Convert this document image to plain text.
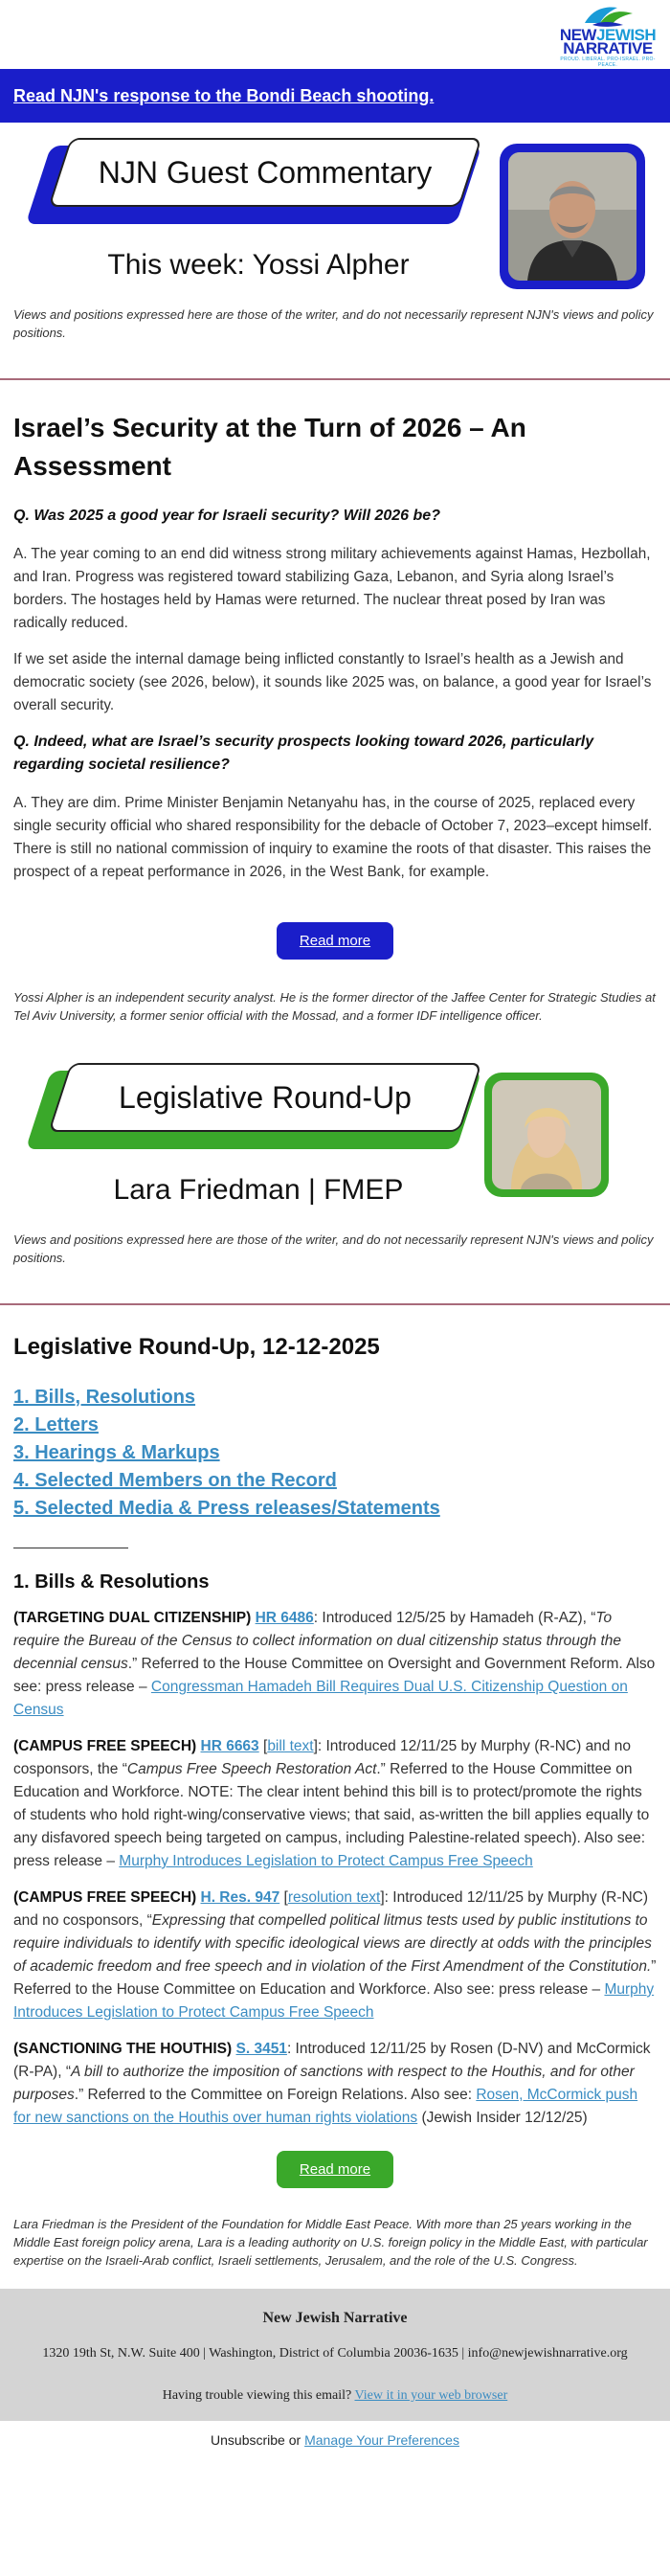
NEWJEWISH
NARRATIVE
PROUD. LIBERAL. PRO-ISRAEL. PRO-PEACE.
Read NJN's response to the Bondi Beach shooting.
NJN Guest Commentary
This week: Yossi Alpher

Views and positions expressed here are those of the writer, and do not necessarily represent NJN's views and policy positions.

Israel’s Security at the Turn of 2026 – An Assessment

Q. Was 2025 a good year for Israeli security? Will 2026 be?

A. The year coming to an end did witness strong military achievements against Hamas, Hezbollah, and Iran. Progress was registered toward stabilizing Gaza, Lebanon, and Syria along Israel’s borders. The hostages held by Hamas were returned. The nuclear threat posed by Iran was radically reduced.

If we set aside the internal damage being inflicted constantly to Israel’s health as a Jewish and democratic society (see 2026, below), it sounds like 2025 was, on balance, a good year for Israel’s overall security.

Q. Indeed, what are Israel’s security prospects looking toward 2026, particularly regarding societal resilience?

A. They are dim. Prime Minister Benjamin Netanyahu has, in the course of 2025, replaced every single security official who shared responsibility for the debacle of October 7, 2023–except himself. There is still no national commission of inquiry to examine the roots of that disaster. This raises the prospect of a repeat performance in 2026, in the West Bank, for example.

Read more

Yossi Alpher is an independent security analyst. He is the former director of the Jaffee Center for Strategic Studies at Tel Aviv University, a former senior official with the Mossad, and a former IDF intelligence officer.

Legislative Round-Up
Lara Friedman | FMEP

Views and positions expressed here are those of the writer, and do not necessarily represent NJN's views and policy positions.

Legislative Round-Up, 12-12-2025
1. Bills, Resolutions
2. Letters
3. Hearings & Markups
4. Selected Members on the Record
5. Selected Media & Press releases/Statements
1. Bills & Resolutions

(TARGETING DUAL CITIZENSHIP) HR 6486: Introduced 12/5/25 by Hamadeh (R-AZ), “To require the Bureau of the Census to collect information on dual citizenship status through the decennial census.” Referred to the House Committee on Oversight and Government Reform. Also see: press release – Congressman Hamadeh Bill Requires Dual U.S. Citizenship Question on Census

(CAMPUS FREE SPEECH) HR 6663 [bill text]: Introduced 12/11/25 by Murphy (R-NC) and no cosponsors, the “Campus Free Speech Restoration Act.” Referred to the House Committee on Education and Workforce. NOTE: The clear intent behind this bill is to protect/promote the rights of students who hold right-wing/conservative views; that said, as-written the bill applies equally to any disfavored speech being targeted on campus, including Palestine-related speech). Also see: press release – Murphy Introduces Legislation to Protect Campus Free Speech

(CAMPUS FREE SPEECH) H. Res. 947 [resolution text]: Introduced 12/11/25 by Murphy (R-NC) and no cosponsors, “Expressing that compelled political litmus tests used by public institutions to require individuals to identify with specific ideological views are directly at odds with the principles of academic freedom and free speech and in violation of the First Amendment of the Constitution.” Referred to the House Committee on Education and Workforce. Also see: press release – Murphy Introduces Legislation to Protect Campus Free Speech

(SANCTIONING THE HOUTHIS) S. 3451: Introduced 12/11/25 by Rosen (D-NV) and McCormick (R-PA), “A bill to authorize the imposition of sanctions with respect to the Houthis, and for other purposes.” Referred to the Committee on Foreign Relations. Also see: Rosen, McCormick push for new sanctions on the Houthis over human rights violations (Jewish Insider 12/12/25)

Read more

Lara Friedman is the President of the Foundation for Middle East Peace. With more than 25 years working in the Middle East foreign policy arena, Lara is a leading authority on U.S. foreign policy in the Middle East, with particular expertise on the Israeli-Arab conflict, Israeli settlements, Jerusalem, and the role of the U.S. Congress.

New Jewish Narrative
1320 19th St, N.W. Suite 400 | Washington, District of Columbia 20036-1635 | info@newjewishnarrative.org
Having trouble viewing this email? View it in your web browser
Unsubscribe or Manage Your Preferences
